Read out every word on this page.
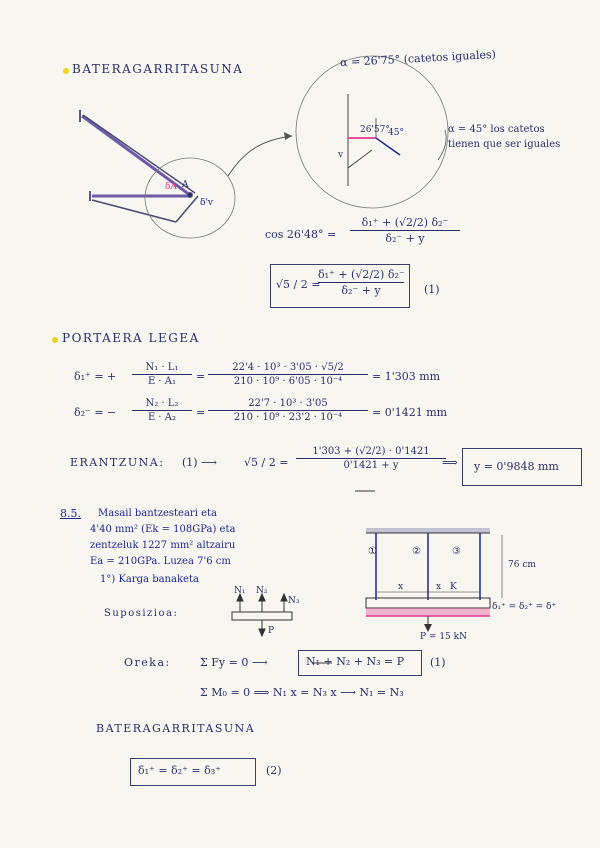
BATERAGARRITASUNA	α = 26'75° (catetos iguales)
α = 45° los catetos tienen que ser iguales
A
δA
δ'v
v
26'57°
45°
cos 26'48° =
δ₁⁺ + (√2/2) δ₂⁻
δ₂⁻ + y
√5 / 2 =
δ₁⁺ + (√2/2) δ₂⁻
δ₂⁻ + y	(1)
PORTAERA LEGEA
δ₁⁺ = +
N₁ · L₁
E · A₁	=
22'4 · 10³ · 3'05 · √5/2
210 · 10⁹ · 6'05 · 10⁻⁴	= 1'303 mm
δ₂⁻ = −
N₂ · L₂
E · A₂	=
22'7 · 10³ · 3'05
210 · 10⁹ · 23'2 · 10⁻⁴	= 0'1421 mm
ERANTZUNA: (1) ⟶ √5 / 2 =
1'303 + (√2/2) · 0'1421
0'1421 + y	⟹ y = 0'9848 mm
8.5. Masail bantzesteari eta
4'40 mm² (Ek = 108GPa) eta
zentzeluk 1227 mm² altzairu
Ea = 210GPa. Luzea 7'6 cm
1°) Karga banaketa
Suposizioa:
N₁ N₂
N₃
P
①	②	③
76 cm
x	x K
P = 15 kN
δ₁⁺ = δ₂⁺ = δ⁺
Oreka:	Σ Fy = 0 ⟶	N₁ + N₂ + N₃ = P (1)
Σ M₀ = 0 ⟹ N₁ x = N₃ x ⟶ N₁ = N₃
BATERAGARRITASUNA
δ₁⁺ = δ₂⁺ = δ₃⁺	(2)
